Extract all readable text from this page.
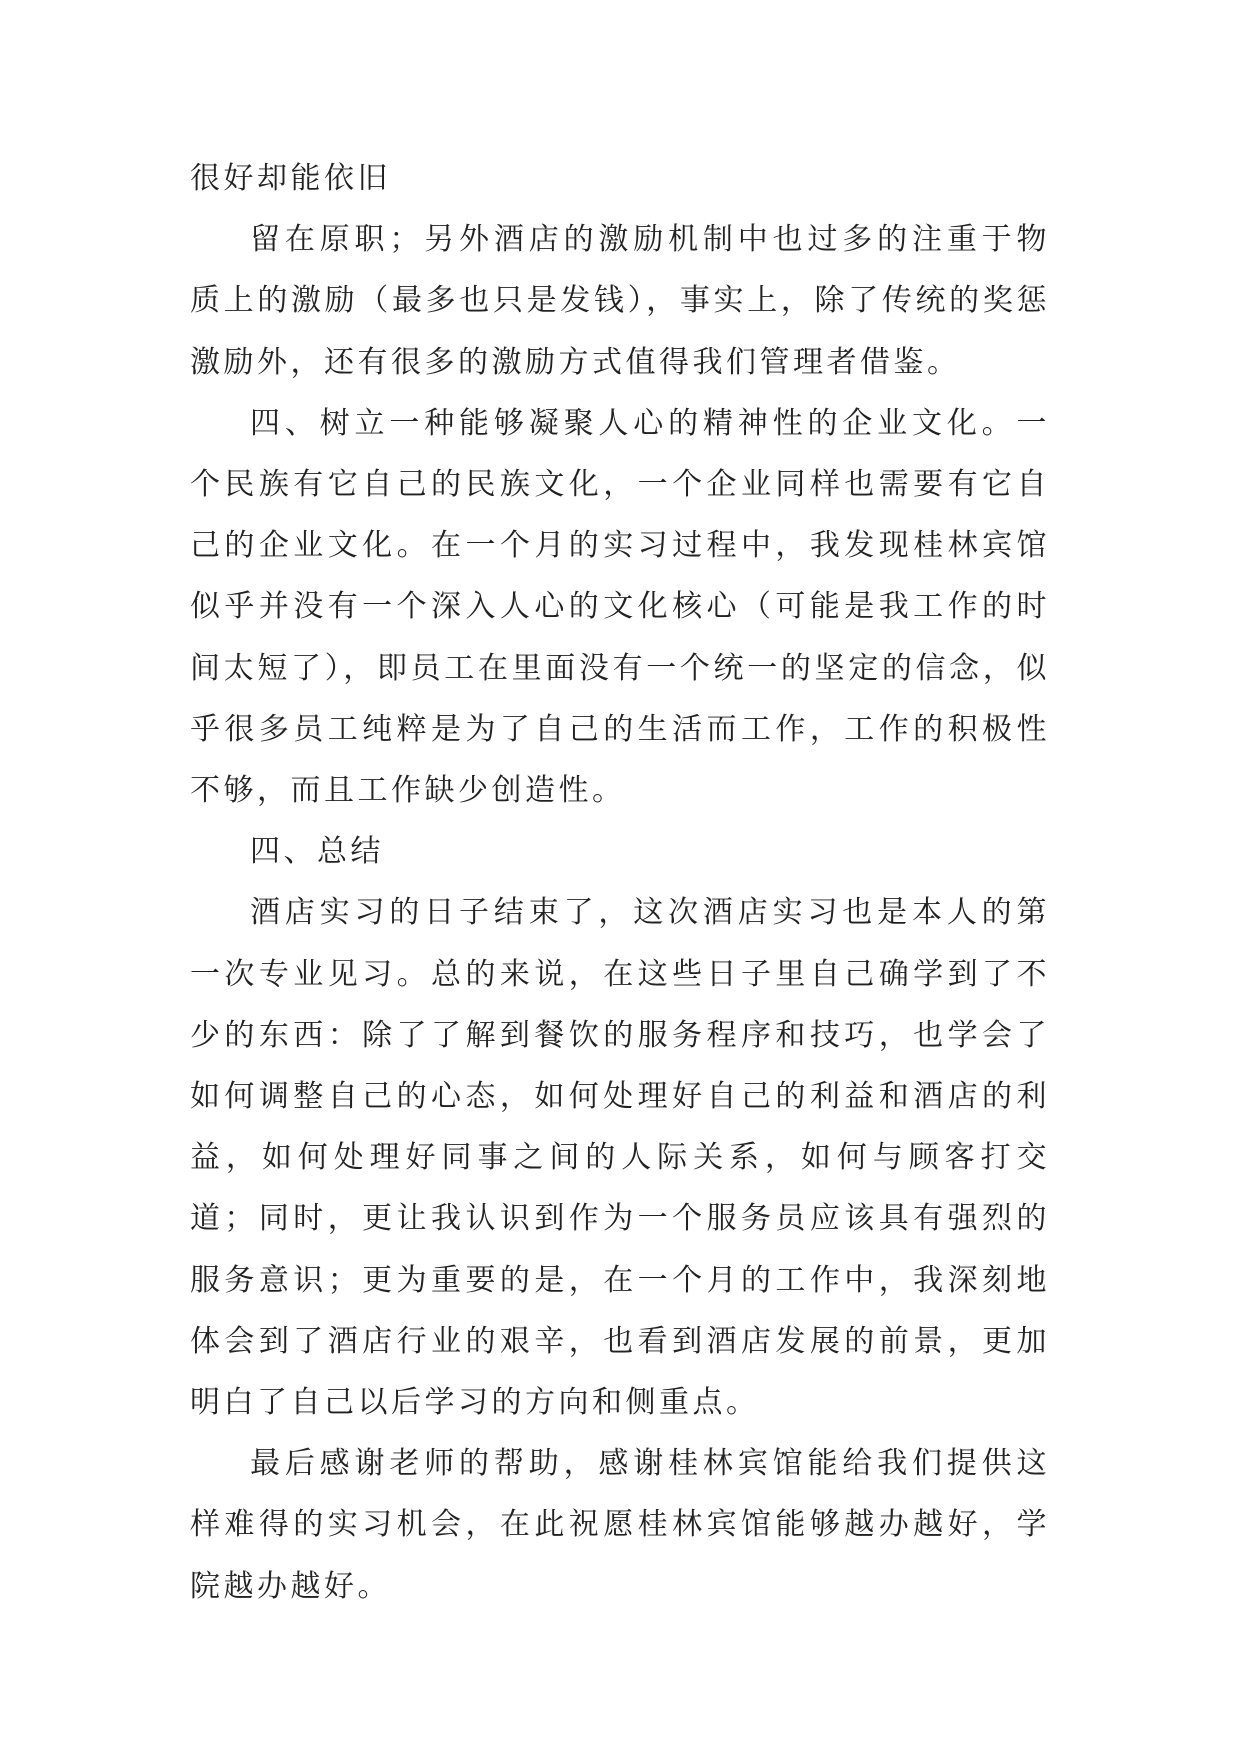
很好却能依旧

留在原职；另外酒店的激励机制中也过多的注重于物质上的激励（最多也只是发钱），事实上，除了传统的奖惩激励外，还有很多的激励方式值得我们管理者借鉴。

四、树立一种能够凝聚人心的精神性的企业文化。一个民族有它自己的民族文化，一个企业同样也需要有它自己的企业文化。在一个月的实习过程中，我发现桂林宾馆似乎并没有一个深入人心的文化核心（可能是我工作的时间太短了），即员工在里面没有一个统一的坚定的信念，似乎很多员工纯粹是为了自己的生活而工作，工作的积极性不够，而且工作缺少创造性。

四、总结

酒店实习的日子结束了，这次酒店实习也是本人的第一次专业见习。总的来说，在这些日子里自己确学到了不少的东西：除了了解到餐饮的服务程序和技巧，也学会了如何调整自己的心态，如何处理好自己的利益和酒店的利益，如何处理好同事之间的人际关系，如何与顾客打交道；同时，更让我认识到作为一个服务员应该具有强烈的服务意识；更为重要的是，在一个月的工作中，我深刻地体会到了酒店行业的艰辛，也看到酒店发展的前景，更加明白了自己以后学习的方向和侧重点。

最后感谢老师的帮助，感谢桂林宾馆能给我们提供这样难得的实习机会，在此祝愿桂林宾馆能够越办越好，学院越办越好。
